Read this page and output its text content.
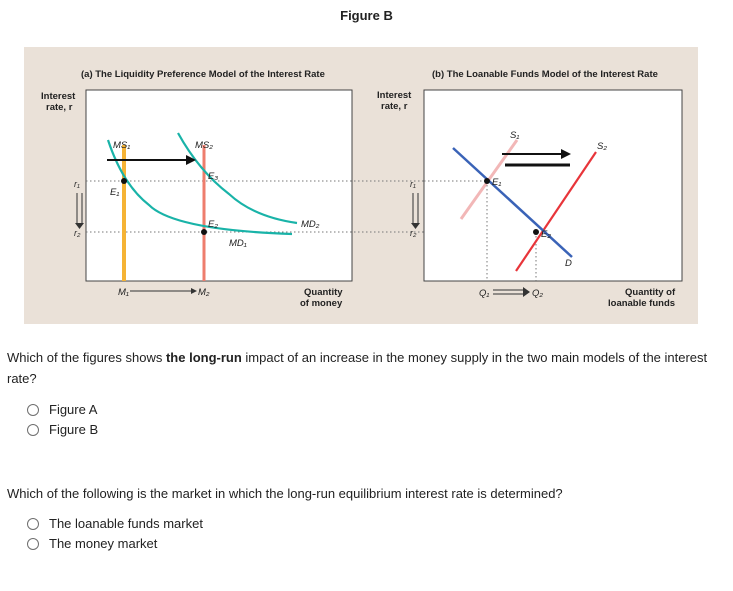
Figure B
(a) The Liquidity Preference Model of the Interest Rate
Interest
rate, r
r₁
r₂
MS₁	MS₂
E₁
E₃
E₂
MD₁
MD₂
M₁	M₂	Quantity
of money
(b) The Loanable Funds Model of the Interest Rate
Interest
rate, r
r₁
r₂
S₁
S₂
E₁
E₂
D
Q₁	Q₂	Quantity of
loanable funds
Which of the figures shows the long-run impact of an increase in the money supply in the two main models of the interest rate?
Figure A
Figure B
Which of the following is the market in which the long-run equilibrium interest rate is determined?
The loanable funds market
The money market
